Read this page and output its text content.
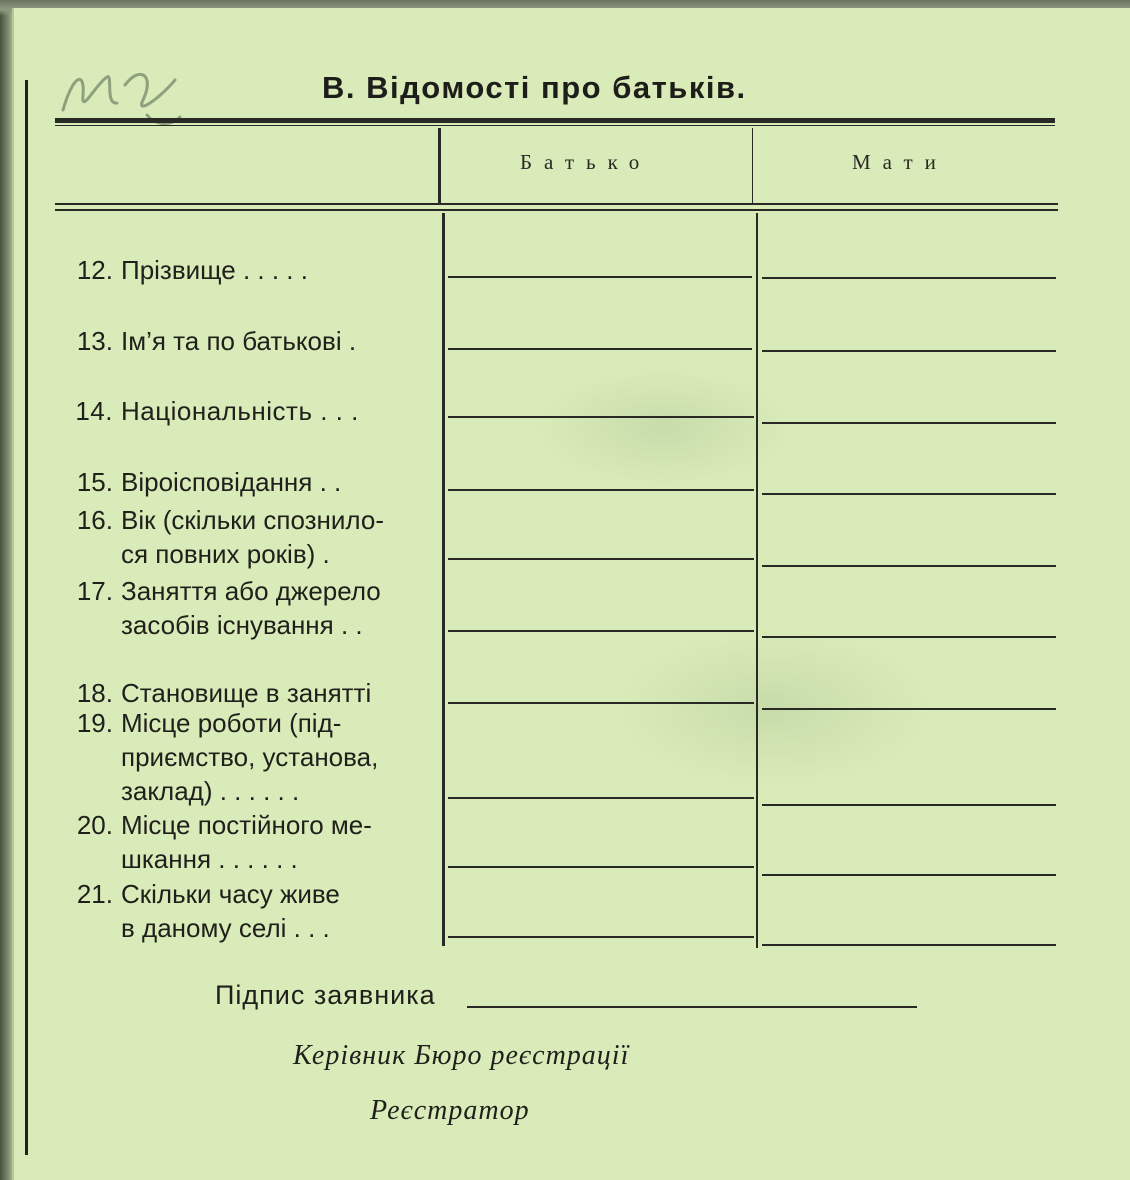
В. Відомості про батьків.
Батько	Мати
12. Прізвище . . . . .
13. Ім’я та по батькові .
14. Національність . . .
15. Віроісповідання . .
16. Вік (скільки спознило-
ся повних років) .
17. Заняття або джерело
засобів існування . .
18. Становище в занятті
19. Місце роботи (під-
приємство, установа,
заклад) . . . . . .
20. Місце постійного ме-
шкання . . . . . .
21. Скільки часу живе
в даному селі . . .
Підпис заявника
Керівник Бюро реєстрації
Реєстратор
